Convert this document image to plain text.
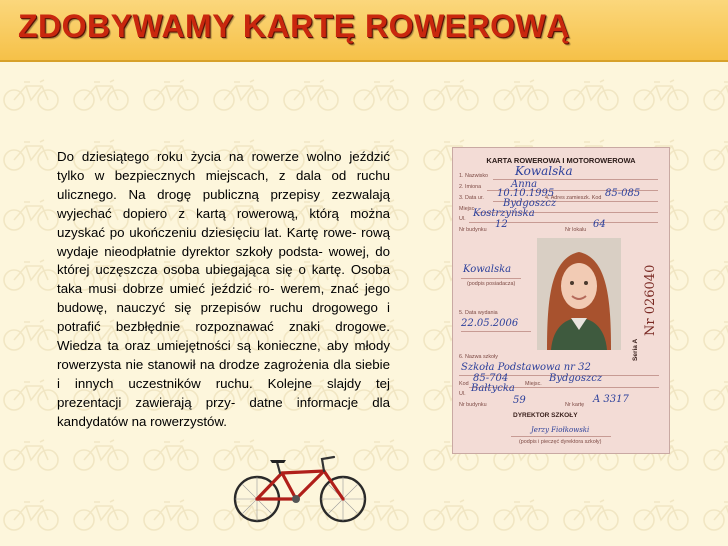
ZDOBYWAMY KARTĘ ROWEROWĄ

Do dziesiątego roku życia na rowerze wolno jeździć tylko w bezpiecznych miejscach, z dala od ruchu ulicznego. Na drogę publiczną przepisy zezwalają wyjechać dopiero z kartą rowerową, którą można uzyskać po ukończeniu dziesięciu lat. Kartę rowe- rową wydaje nieodpłatnie dyrektor szkoły podsta- wowej, do której uczęszcza osoba ubiegająca się o kartę. Osoba taka musi dobrze umieć jeździć ro- werem, znać jego budowę, nauczyć się przepisów ruchu drogowego i potrafić bezbłędnie rozpoznawać znaki drogowe. Wiedza ta oraz umiejętności są konieczne, aby młody rowerzysta nie stanowił na drodze zagrożenia dla siebie i innych uczestników ruchu. Kolejne slajdy tej prezentacji zawierają przy- datne informacje dla kandydatów na rowerzystów.

KARTA ROWEROWA I MOTOROWEROWA
1. Nazwisko Kowalska
2. Imiona	Anna
3. Data ur. 10.10.1995
4. Adres zamieszk. Kod 85-085
Miejsc.	Bydgoszcz
Ul. Kostrzyńska
Nr budynku 12	Nr lokalu 64
Kowalska
(podpis posiadacza)
5. Data wydania
22.05.2006
6. Nazwa szkoły
Szkoła Podstawowa nr 32
Kod 85-704	Miejsc. Bydgoszcz
Ul. Bałtycka
Nr budynku	59	Nr kartę A 3317
DYREKTOR SZKOŁY
Jerzy Fiołkowski
(podpis i pieczęć dyrektora szkoły)
Nr 026040
Seria A
